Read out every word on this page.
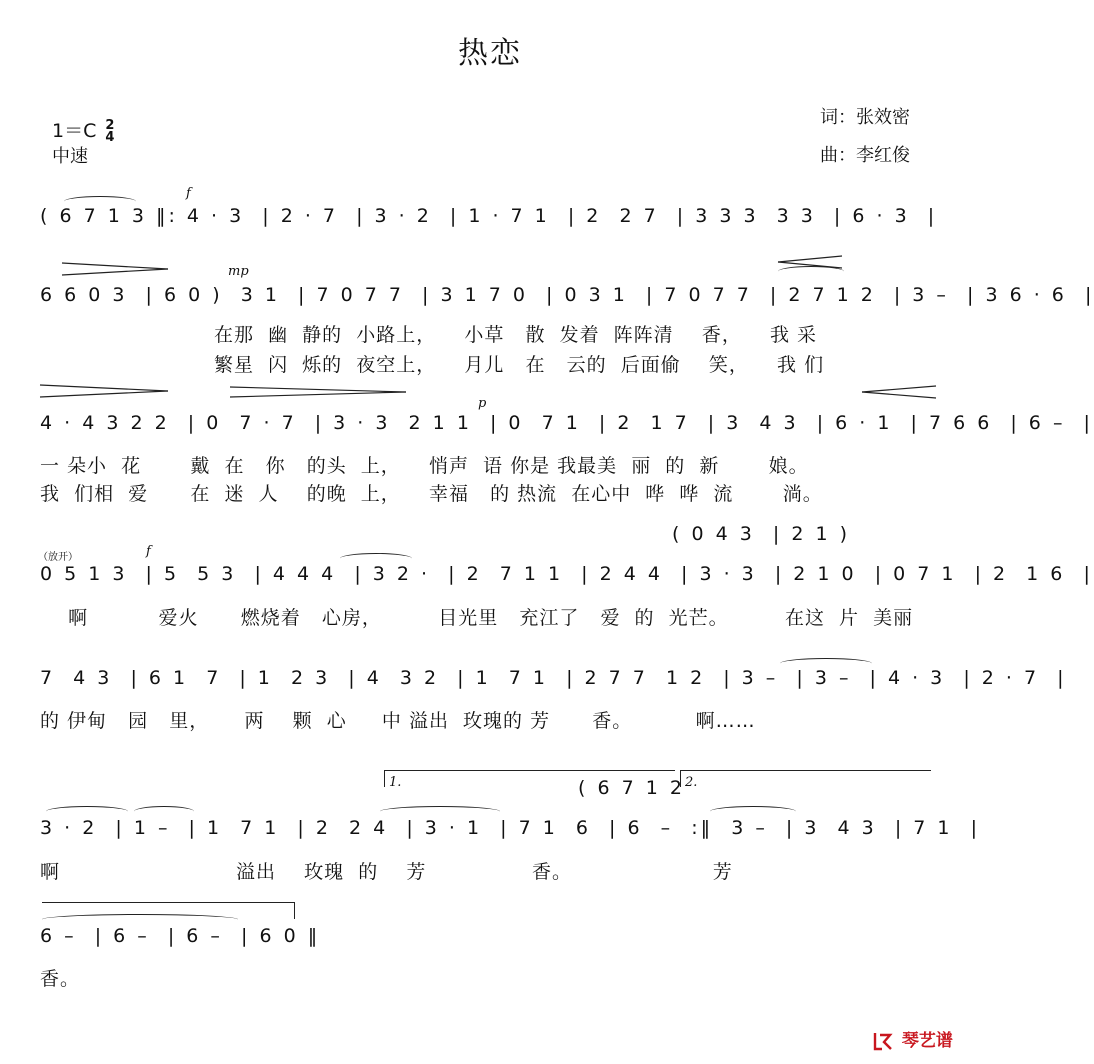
热恋
1＝C 2
4
中速
词：张效密
曲：李红俊
f
( 6 7 1 3 ‖: 4 · 3  | 2 · 7  | 3 · 2  | 1 · 7 1  | 2  2 7  | 3 3 3  3 3  | 6 · 3  |
mp
6 6 0 3  | 6 0 )  3 1  | 7 0 7 7  | 3 1 7 0  | 0 3 1  | 7 0 7 7  | 2 7 1 2  | 3 –  | 3 6 · 6  |
在那  幽  静的  小路上，    小草   散  发着  阵阵清    香，    我 采
繁星  闪  烁的  夜空上，    月儿   在   云的  后面偷    笑，    我 们
p
4 · 4 3 2 2  | 0  7 · 7  | 3 · 3  2 1 1  | 0  7 1  | 2  1 7  | 3  4 3  | 6 · 1  | 7 6 6  | 6 –  |
一 朵小  花       戴  在   你   的头  上，    悄声  语 你是 我最美  丽  的  新       娘。
我  们相  爱      在  迷  人    的晚  上，    幸福   的 热流  在心中  哗  哗  流       淌。
( 0 4 3  | 2 1 )
（放开）	f
0 5 1 3  | 5  5 3  | 4 4 4  | 3 2 ·  | 2  7 1 1  | 2 4 4  | 3 · 3  | 2 1 0  | 0 7 1  | 2  1 6  |
啊          爱火      燃烧着   心房，        目光里   充江了   爱  的  光芒。        在这  片  美丽
7  4 3  | 6 1  7  | 1  2 3  | 4  3 2  | 1  7 1  | 2 7 7  1 2  | 3 –  | 3 –  | 4 · 3  | 2 · 7  |
的 伊甸   园   里，     两    颗  心     中 溢出  玫瑰的 芳      香。         啊……
1.	2.
( 6 7 1 2
3 · 2  | 1 –  | 1  7 1  | 2  2 4  | 3 · 1  | 7 1  6  | 6  –  :‖  3 –  | 3  4 3  | 7 1  |
啊                         溢出    玫瑰  的    芳               香。                    芳
6 –  | 6 –  | 6 –  | 6 0 ‖
香。
琴艺谱
